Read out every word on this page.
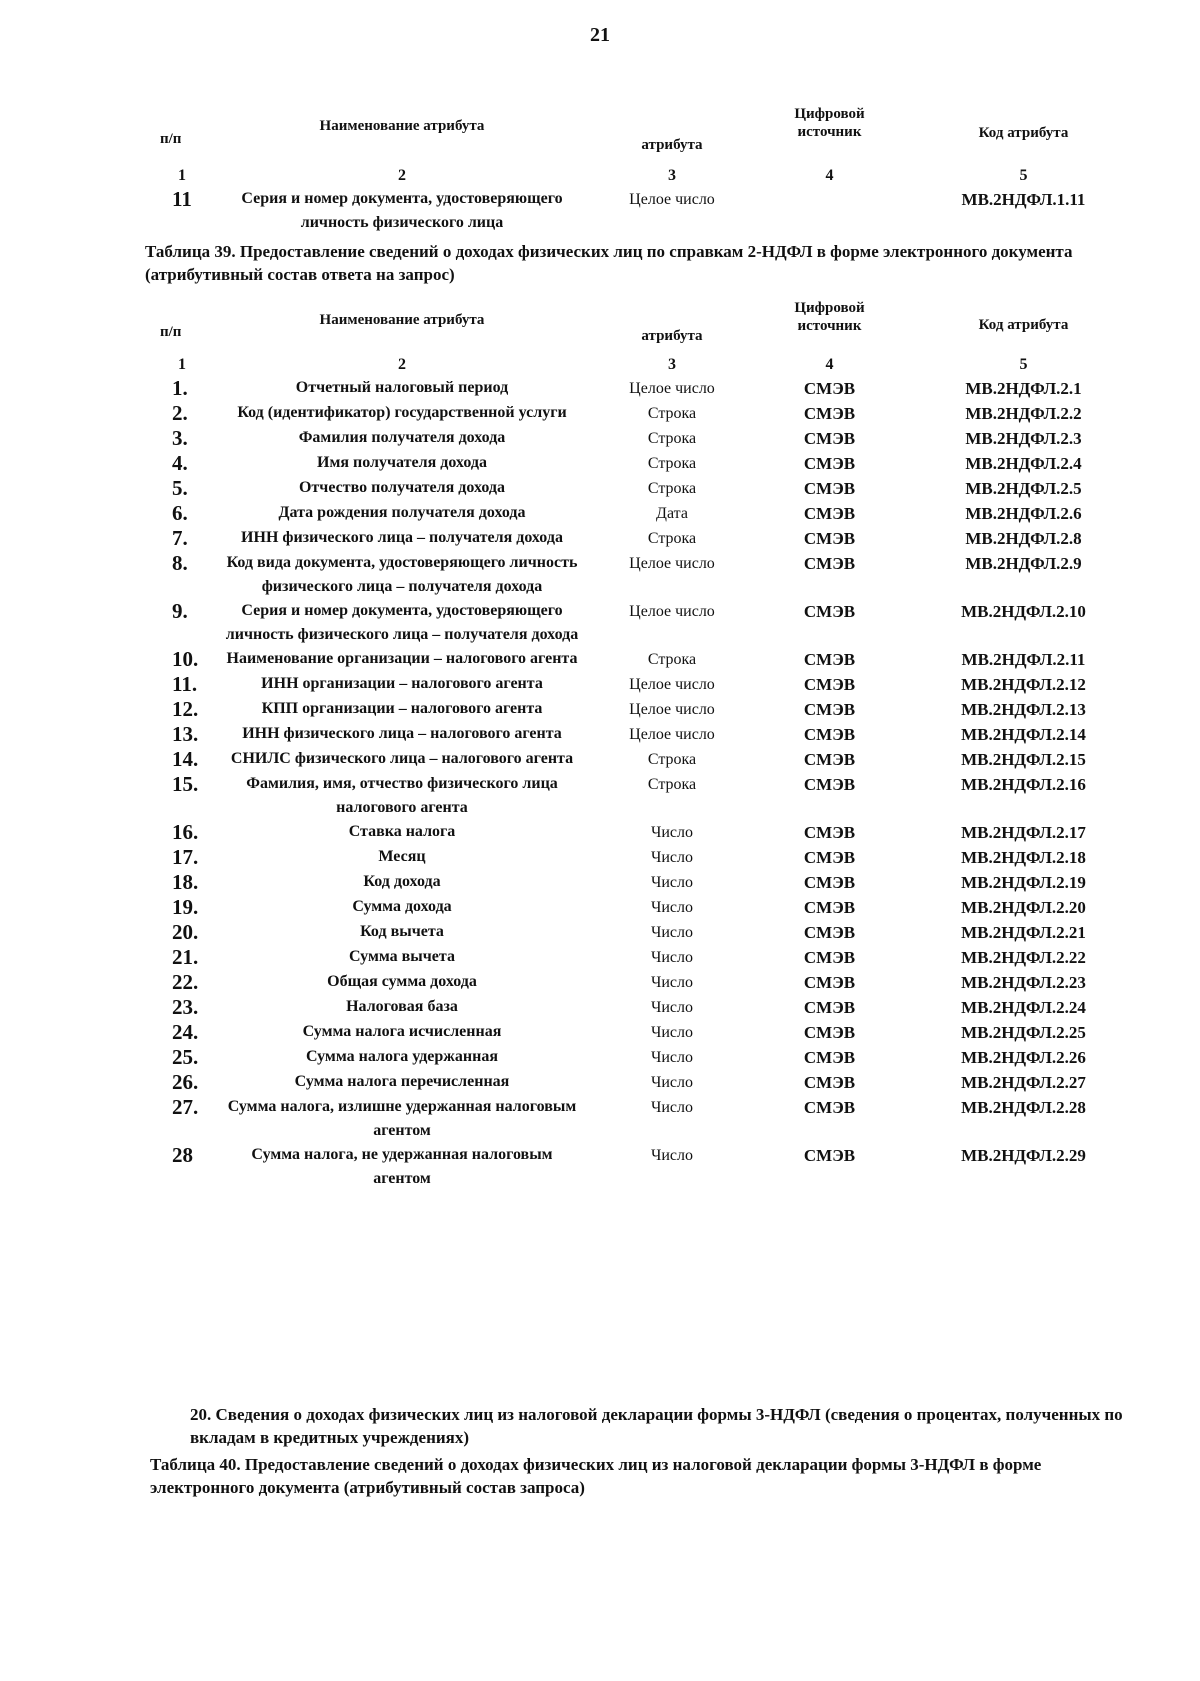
21
п/п	Наименование атрибута	атрибута	Цифровой источник	Код атрибута
1	2	3	4	5
11	Серия и номер документа, удостоверяющего личность физического лица	Целое число		МВ.2НДФЛ.1.11
Таблица 39. Предоставление сведений о доходах физических лиц по справкам 2-НДФЛ в форме электронного документа (атрибутивный состав ответа на запрос)
п/п	Наименование атрибута	атрибута	Цифровой источник	Код атрибута
1	2	3	4	5
1.	Отчетный налоговый период	Целое число	СМЭВ	МВ.2НДФЛ.2.1
2.	Код (идентификатор) государственной услуги	Строка	СМЭВ	МВ.2НДФЛ.2.2
3.	Фамилия получателя дохода	Строка	СМЭВ	МВ.2НДФЛ.2.3
4.	Имя получателя дохода	Строка	СМЭВ	МВ.2НДФЛ.2.4
5.	Отчество получателя дохода	Строка	СМЭВ	МВ.2НДФЛ.2.5
6.	Дата рождения получателя дохода	Дата	СМЭВ	МВ.2НДФЛ.2.6
7.	ИНН физического лица – получателя дохода	Строка	СМЭВ	МВ.2НДФЛ.2.8
8.	Код вида документа, удостоверяющего личность физического лица – получателя дохода	Целое число	СМЭВ	МВ.2НДФЛ.2.9
9.	Серия и номер документа, удостоверяющего личность физического лица – получателя дохода	Целое число	СМЭВ	МВ.2НДФЛ.2.10
10.	Наименование организации – налогового агента	Строка	СМЭВ	МВ.2НДФЛ.2.11
11.	ИНН организации – налогового агента	Целое число	СМЭВ	МВ.2НДФЛ.2.12
12.	КПП организации – налогового агента	Целое число	СМЭВ	МВ.2НДФЛ.2.13
13.	ИНН физического лица – налогового агента	Целое число	СМЭВ	МВ.2НДФЛ.2.14
14.	СНИЛС физического лица – налогового агента	Строка	СМЭВ	МВ.2НДФЛ.2.15
15.	Фамилия, имя, отчество физического лица налогового агента	Строка	СМЭВ	МВ.2НДФЛ.2.16
16.	Ставка налога	Число	СМЭВ	МВ.2НДФЛ.2.17
17.	Месяц	Число	СМЭВ	МВ.2НДФЛ.2.18
18.	Код дохода	Число	СМЭВ	МВ.2НДФЛ.2.19
19.	Сумма дохода	Число	СМЭВ	МВ.2НДФЛ.2.20
20.	Код вычета	Число	СМЭВ	МВ.2НДФЛ.2.21
21.	Сумма вычета	Число	СМЭВ	МВ.2НДФЛ.2.22
22.	Общая сумма дохода	Число	СМЭВ	МВ.2НДФЛ.2.23
23.	Налоговая база	Число	СМЭВ	МВ.2НДФЛ.2.24
24.	Сумма налога исчисленная	Число	СМЭВ	МВ.2НДФЛ.2.25
25.	Сумма налога удержанная	Число	СМЭВ	МВ.2НДФЛ.2.26
26.	Сумма налога перечисленная	Число	СМЭВ	МВ.2НДФЛ.2.27
27.	Сумма налога, излишне удержанная налоговым агентом	Число	СМЭВ	МВ.2НДФЛ.2.28
28	Сумма налога, не удержанная налоговым агентом	Число	СМЭВ	МВ.2НДФЛ.2.29
20. Сведения о доходах физических лиц из налоговой декларации формы 3-НДФЛ (сведения о процентах, полученных по вкладам в кредитных учреждениях)
Таблица 40. Предоставление сведений о доходах физических лиц из налоговой декларации формы 3-НДФЛ в форме электронного документа (атрибутивный состав запроса)
